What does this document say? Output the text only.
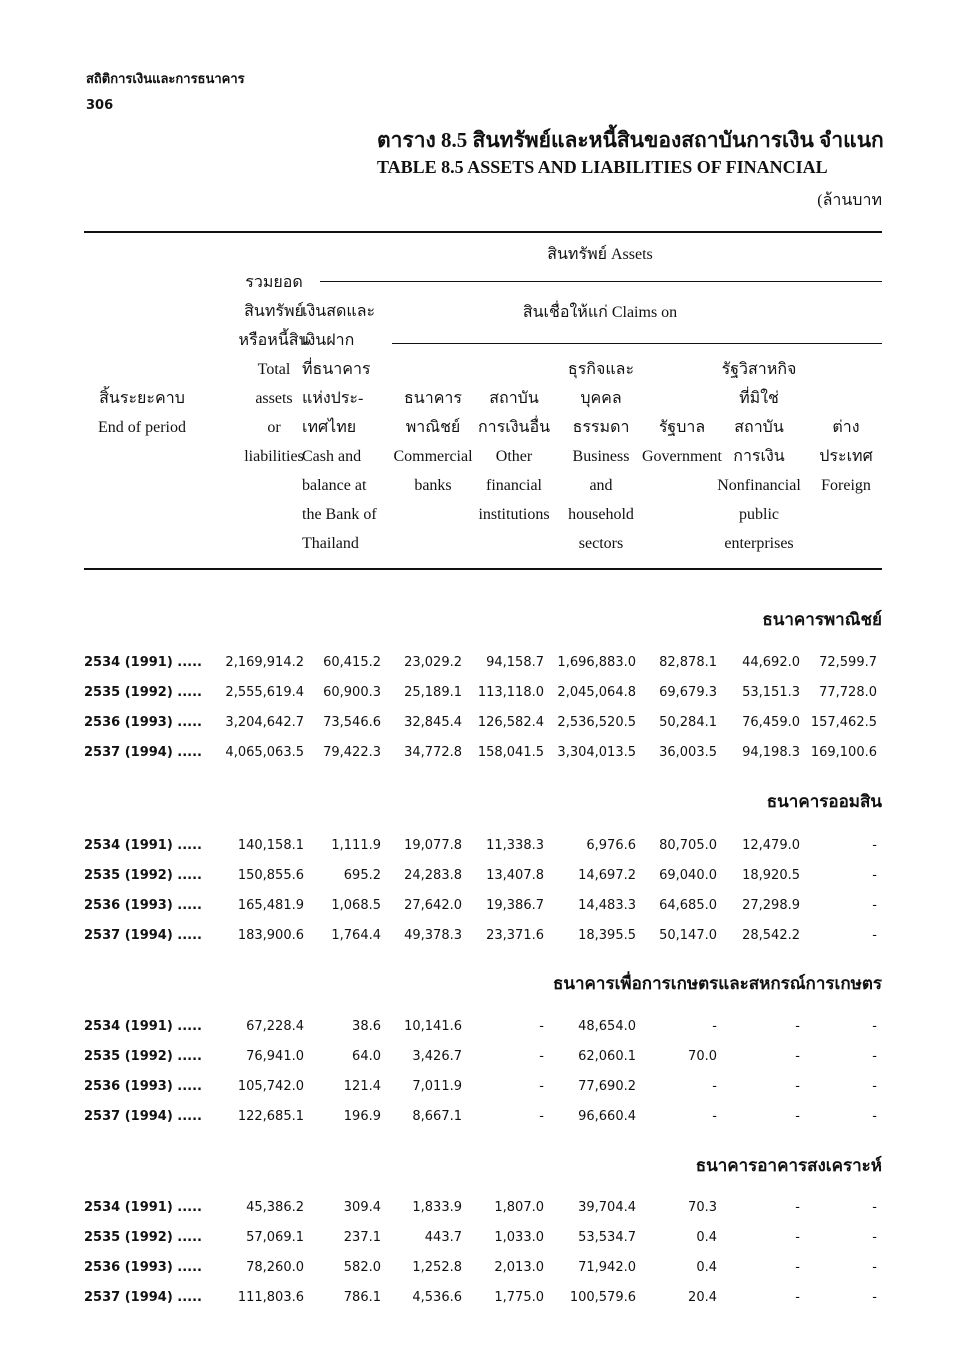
สถิติการเงินและการธนาคาร
306
ตาราง 8.5 สินทรัพย์และหนี้สินของสถาบันการเงิน จำแนก
TABLE 8.5 ASSETS AND LIABILITIES OF FINANCIAL
(ล้านบาท
สินทรัพย์ Assets
สินเชื่อให้แก่ Claims on
สิ้นระยะคาบ
End of period
รวมยอด
สินทรัพย์
หรือหนี้สิน
Total
assets
or
liabilities
เงินสดและ
เงินฝาก
ที่ธนาคาร
แห่งประ-
เทศไทย
Cash and
balance at
the Bank of
Thailand
ธนาคาร
พาณิชย์
Commercial
banks
สถาบัน
การเงินอื่น
Other
financial
institutions
ธุรกิจและ
บุคคล
ธรรมดา
Business
and
household
sectors
รัฐบาล
Government
รัฐวิสาหกิจ
ที่มิใช่
สถาบัน
การเงิน
Nonfinancial
public
enterprises
ต่าง
ประเทศ
Foreign
ธนาคารพาณิชย์
2534 (1991) ..... 2,169,914.2 60,415.2 23,029.2 94,158.7 1,696,883.0 82,878.1 44,692.0 72,599.7
2535 (1992) ..... 2,555,619.4 60,900.3 25,189.1 113,118.0 2,045,064.8 69,679.3 53,151.3 77,728.0
2536 (1993) ..... 3,204,642.7 73,546.6 32,845.4 126,582.4 2,536,520.5 50,284.1 76,459.0 157,462.5
2537 (1994) ..... 4,065,063.5 79,422.3 34,772.8 158,041.5 3,304,013.5 36,003.5 94,198.3 169,100.6
ธนาคารออมสิน
2534 (1991) .....	140,158.1 1,111.9 19,077.8 11,338.3	6,976.6 80,705.0 12,479.0	-
2535 (1992) .....	150,855.6	695.2 24,283.8 13,407.8	14,697.2 69,040.0 18,920.5	-
2536 (1993) .....	165,481.9 1,068.5 27,642.0 19,386.7	14,483.3 64,685.0 27,298.9	-
2537 (1994) .....	183,900.6 1,764.4 49,378.3 23,371.6	18,395.5 50,147.0 28,542.2	-
ธนาคารเพื่อการเกษตรและสหกรณ์การเกษตร
2534 (1991) .....	67,228.4	38.6 10,141.6	-	48,654.0	-	-	-
2535 (1992) .....	76,941.0	64.0 3,426.7	-	62,060.1	70.0	-	-
2536 (1993) .....	105,742.0	121.4 7,011.9	-	77,690.2	-	-	-
2537 (1994) .....	122,685.1	196.9 8,667.1	-	96,660.4	-	-	-
ธนาคารอาคารสงเคราะห์
2534 (1991) .....	45,386.2	309.4 1,833.9 1,807.0	39,704.4	70.3	-	-
2535 (1992) .....	57,069.1	237.1	443.7 1,033.0	53,534.7	0.4	-	-
2536 (1993) .....	78,260.0	582.0 1,252.8 2,013.0	71,942.0	0.4	-	-
2537 (1994) .....	111,803.6	786.1 4,536.6 1,775.0 100,579.6	20.4	-	-
